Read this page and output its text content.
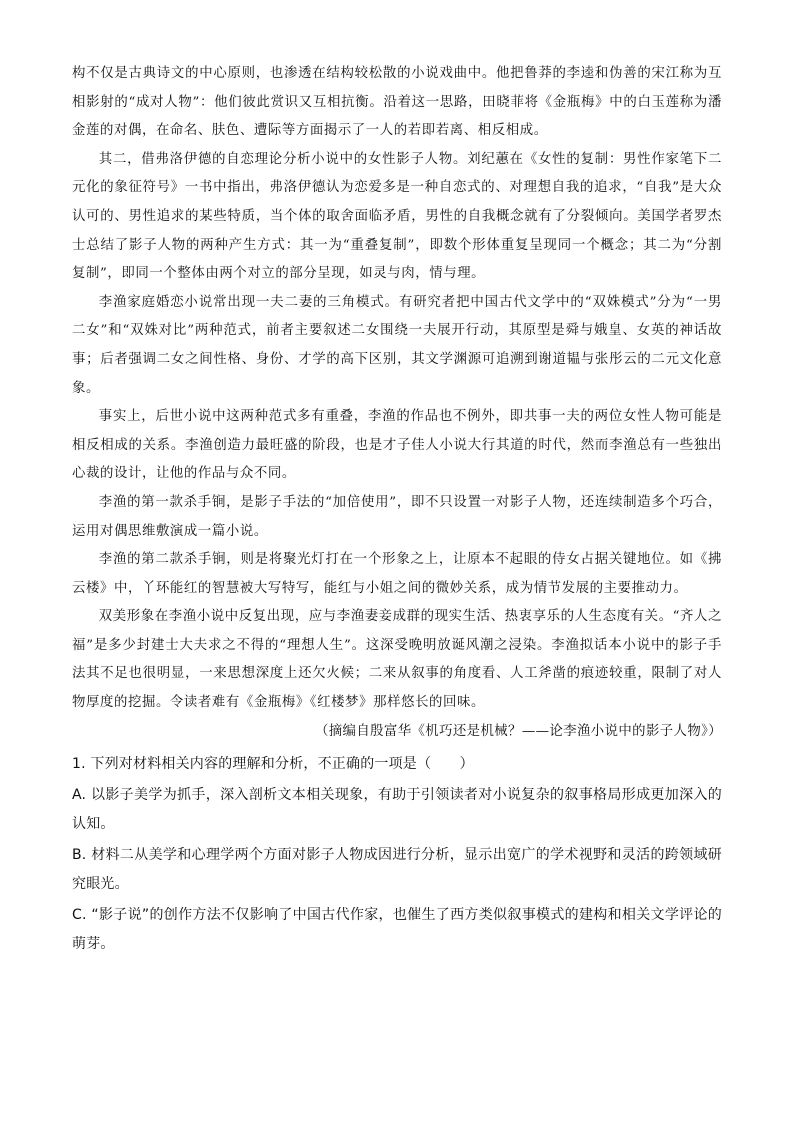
构不仅是古典诗文的中心原则，也渗透在结构较松散的小说戏曲中。他把鲁莽的李逵和伪善的宋江称为互相影射的“成对人物”：他们彼此赏识又互相抗衡。沿着这一思路，田晓菲将《金瓶梅》中的白玉莲称为潘金莲的对偶，在命名、肤色、遭际等方面揭示了一人的若即若离、相反相成。

其二，借弗洛伊德的自恋理论分析小说中的女性影子人物。刘纪蕙在《女性的复制：男性作家笔下二元化的象征符号》一书中指出，弗洛伊德认为恋爱多是一种自恋式的、对理想自我的追求，“自我”是大众认可的、男性追求的某些特质，当个体的取舍面临矛盾，男性的自我概念就有了分裂倾向。美国学者罗杰士总结了影子人物的两种产生方式：其一为“重叠复制”，即数个形体重复呈现同一个概念；其二为“分割复制”，即同一个整体由两个对立的部分呈现，如灵与肉，情与理。

李渔家庭婚恋小说常出现一夫二妻的三角模式。有研究者把中国古代文学中的“双姝模式”分为“一男二女”和“双姝对比”两种范式，前者主要叙述二女围绕一夫展开行动，其原型是舜与娥皇、女英的神话故事；后者强调二女之间性格、身份、才学的高下区别，其文学渊源可追溯到谢道韫与张彤云的二元文化意象。

事实上，后世小说中这两种范式多有重叠，李渔的作品也不例外，即共事一夫的两位女性人物可能是相反相成的关系。李渔创造力最旺盛的阶段，也是才子佳人小说大行其道的时代，然而李渔总有一些独出心裁的设计，让他的作品与众不同。

李渔的第一款杀手锏，是影子手法的“加倍使用”，即不只设置一对影子人物，还连续制造多个巧合，运用对偶思维敷演成一篇小说。

李渔的第二款杀手锏，则是将聚光灯打在一个形象之上，让原本不起眼的侍女占据关键地位。如《拂云楼》中，丫环能红的智慧被大写特写，能红与小姐之间的微妙关系，成为情节发展的主要推动力。

双美形象在李渔小说中反复出现，应与李渔妻妾成群的现实生活、热衷享乐的人生态度有关。“齐人之福”是多少封建士大夫求之不得的“理想人生”。这深受晚明放诞风潮之浸染。李渔拟话本小说中的影子手法其不足也很明显，一来思想深度上还欠火候；二来从叙事的角度看、人工斧凿的痕迹较重，限制了对人物厚度的挖掘。令读者难有《金瓶梅》《红楼梦》那样悠长的回味。

（摘编自殷富华《机巧还是机械？——论李渔小说中的影子人物》）

1. 下列对材料相关内容的理解和分析，不正确的一项是（　　）

A. 以影子美学为抓手，深入剖析文本相关现象，有助于引领读者对小说复杂的叙事格局形成更加深入的认知。

B. 材料二从美学和心理学两个方面对影子人物成因进行分析，显示出宽广的学术视野和灵活的跨领域研究眼光。

C. “影子说”的创作方法不仅影响了中国古代作家，也催生了西方类似叙事模式的建构和相关文学评论的萌芽。
